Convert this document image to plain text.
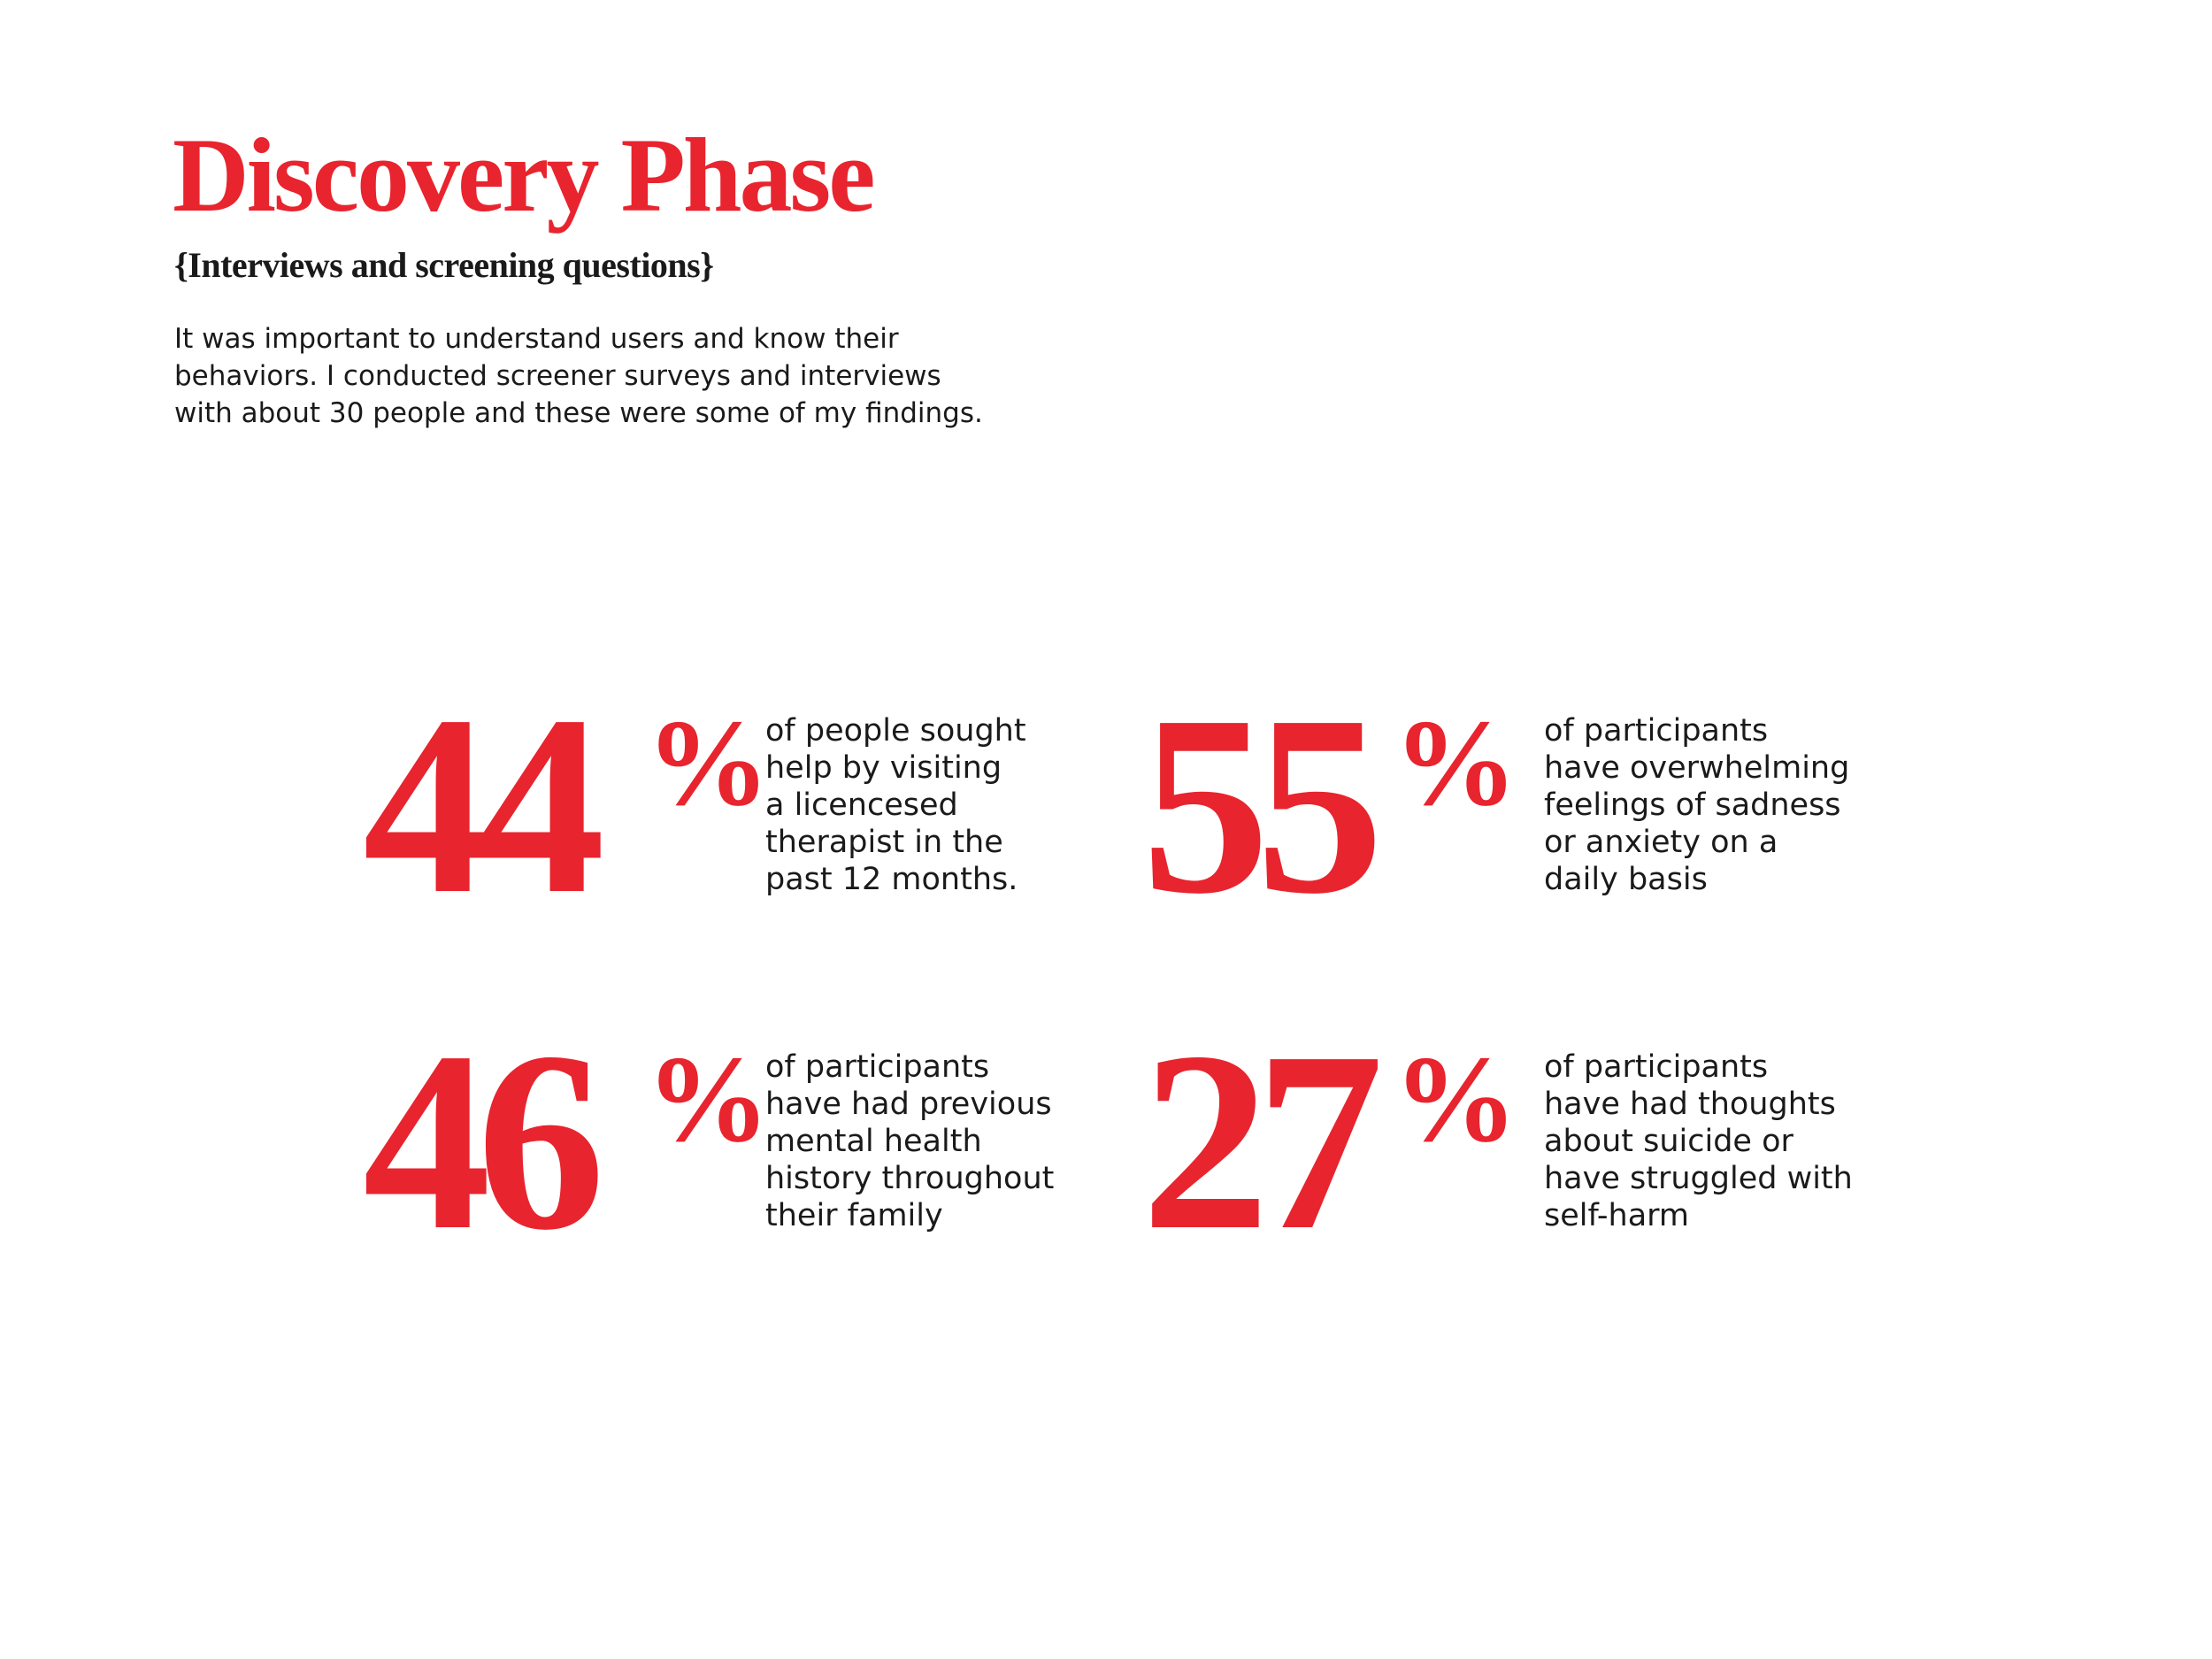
Discovery Phase
{Interviews and screening questions}

It was important to understand users and know their
behaviors. I conducted screener surveys and interviews
with about 30 people and these were some of my findings.

44 %

of people sought
help by visiting
a licencesed
therapist in the
past 12 months. 55 % of participants
have overwhelming
feelings of sadness
or anxiety on a
daily basis

46 %

of participants
have had previous
mental health
history throughout
their family 27 % of participants
have had thoughts
about suicide or
have struggled with
self-harm
